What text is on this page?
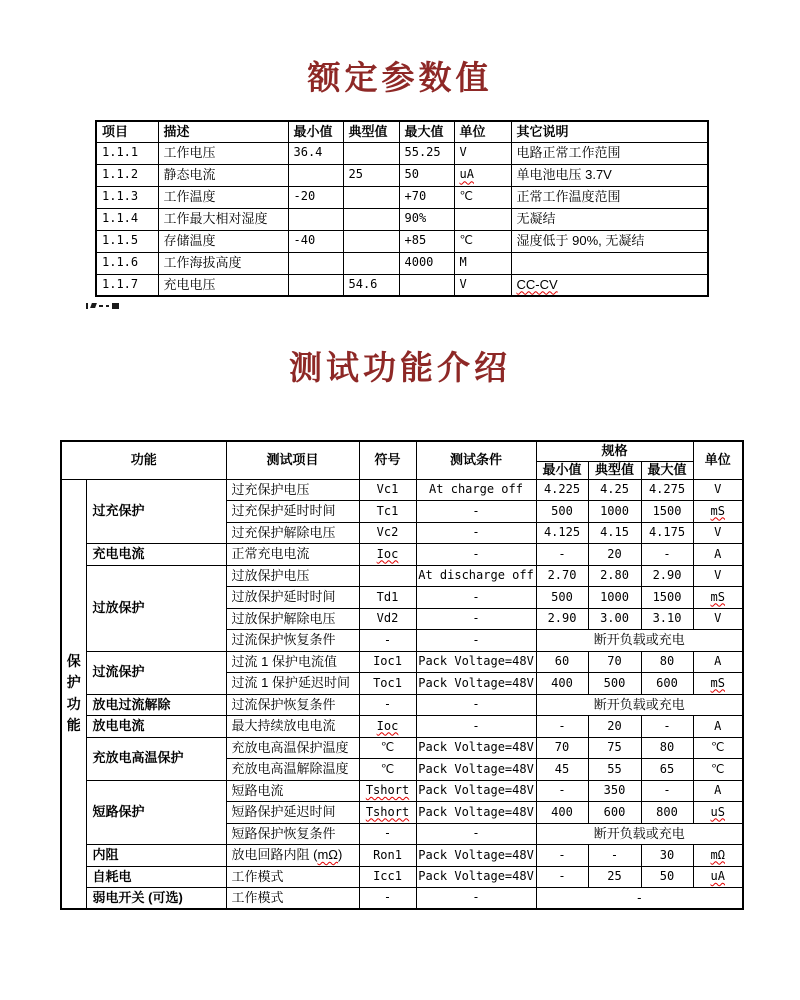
额定参数值
项目	描述	最小值	典型值	最大值	单位	其它说明
1.1.1	工作电压	36.4		55.25	V	电路正常工作范围
1.1.2	静态电流		25	50	uA	单电池电压 3.7V
1.1.3	工作温度	-20		+70	℃	正常工作温度范围
1.1.4	工作最大相对湿度			90%		无凝结
1.1.5	存储温度	-40		+85	℃	湿度低于 90%, 无凝结
1.1.6	工作海拔高度			4000	M	
1.1.7	充电电压		54.6		V	CC-CV
测试功能介绍
功能		测试项目	符号	测试条件	规格			单位
					最小值	典型值	最大值	

保
护
功
能	过充保护	过充保护电压	Vc1	At charge off	4.225	4.25	4.275	V
		过充保护延时时间	Tc1	-	500	1000	1500	mS
		过充保护解除电压	Vc2	-	4.125	4.15	4.175	V
	充电电流	正常充电电流	Ioc	-	-	20	-	A
	过放保护	过放保护电压		At discharge off	2.70	2.80	2.90	V
		过放保护延时时间	Td1	-	500	1000	1500	mS
		过放保护解除电压	Vd2	-	2.90	3.00	3.10	V
		过流保护恢复条件	-	-	断开负载或充电			
	过流保护	过流 1 保护电流值	Ioc1	Pack Voltage=48V	60	70	80	A
		过流 1 保护延迟时间	Toc1	Pack Voltage=48V	400	500	600	mS
	放电过流解除	过流保护恢复条件	-	-	断开负载或充电			
	放电电流	最大持续放电电流	Ioc	-	-	20	-	A
	充放电高温保护	充放电高温保护温度	℃	Pack Voltage=48V	70	75	80	℃
		充放电高温解除温度	℃	Pack Voltage=48V	45	55	65	℃
	短路保护	短路电流	Tshort	Pack Voltage=48V	-	350	-	A
		短路保护延迟时间	Tshort	Pack Voltage=48V	400	600	800	uS
		短路保护恢复条件	-	-	断开负载或充电			
	内阻	放电回路内阻 (mΩ)	Ron1	Pack Voltage=48V	-	-	30	mΩ
	自耗电	工作模式	Icc1	Pack Voltage=48V	-	25	50	uA
	弱电开关 (可选)	工作模式	-	-	-			
